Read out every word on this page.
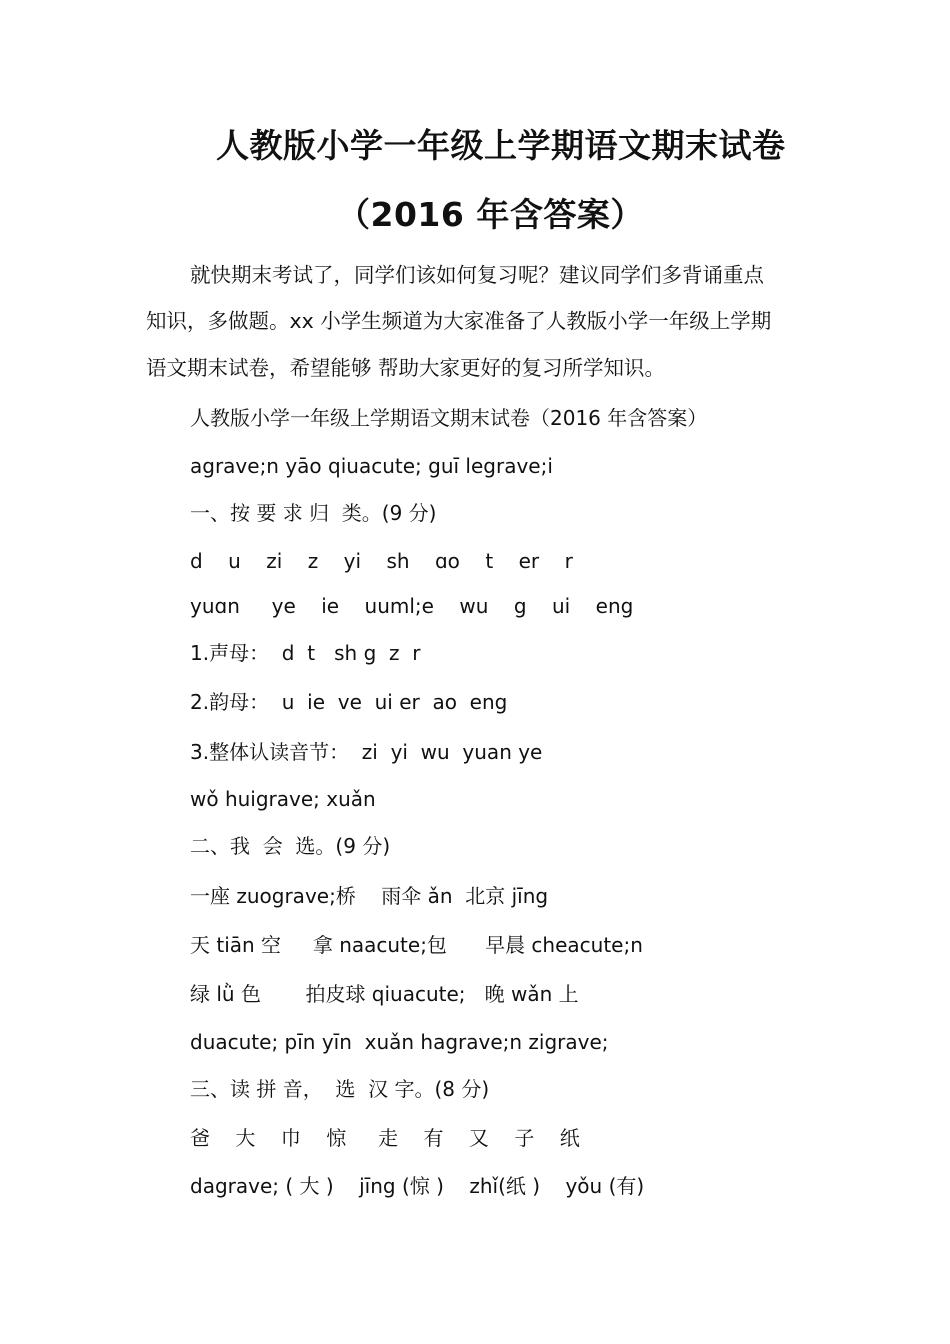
人教版小学一年级上学期语文期末试卷
（2016 年含答案）
就快期末考试了，同学们该如何复习呢？建议同学们多背诵重点
知识，多做题。xx 小学生频道为大家准备了人教版小学一年级上学期
语文期末试卷，希望能够 帮助大家更好的复习所学知识。
人教版小学一年级上学期语文期末试卷（2016 年含答案）
agrave;n yāo qiuacute; guī legrave;i
一、按 要 求 归  类。(9 分)
d    u    zi    z    yi    sh    ɑo    t    er    r
yuɑn     ye    ie    uuml;e    wu    g    ui    eng
1.声母：  d  t   sh g  z  r
2.韵母：  u  ie  ve  ui er  ao  eng
3.整体认读音节：  zi  yi  wu  yuan ye
wǒ huigrave; xuǎn
二、我  会  选。(9 分)
一座 zuograve;桥    雨伞 ǎn  北京 jīng
天 tiān 空     拿 naacute;包      早晨 cheacute;n
绿 lǜ 色       拍皮球 qiuacute;   晚 wǎn 上
duacute; pīn yīn  xuǎn hagrave;n zigrave;
三、读 拼 音，  选  汉 字。(8 分)
爸    大    巾    惊     走    有    又    子    纸
dagrave; ( 大 )    jīng (惊 )    zhǐ(纸 )    yǒu (有)
